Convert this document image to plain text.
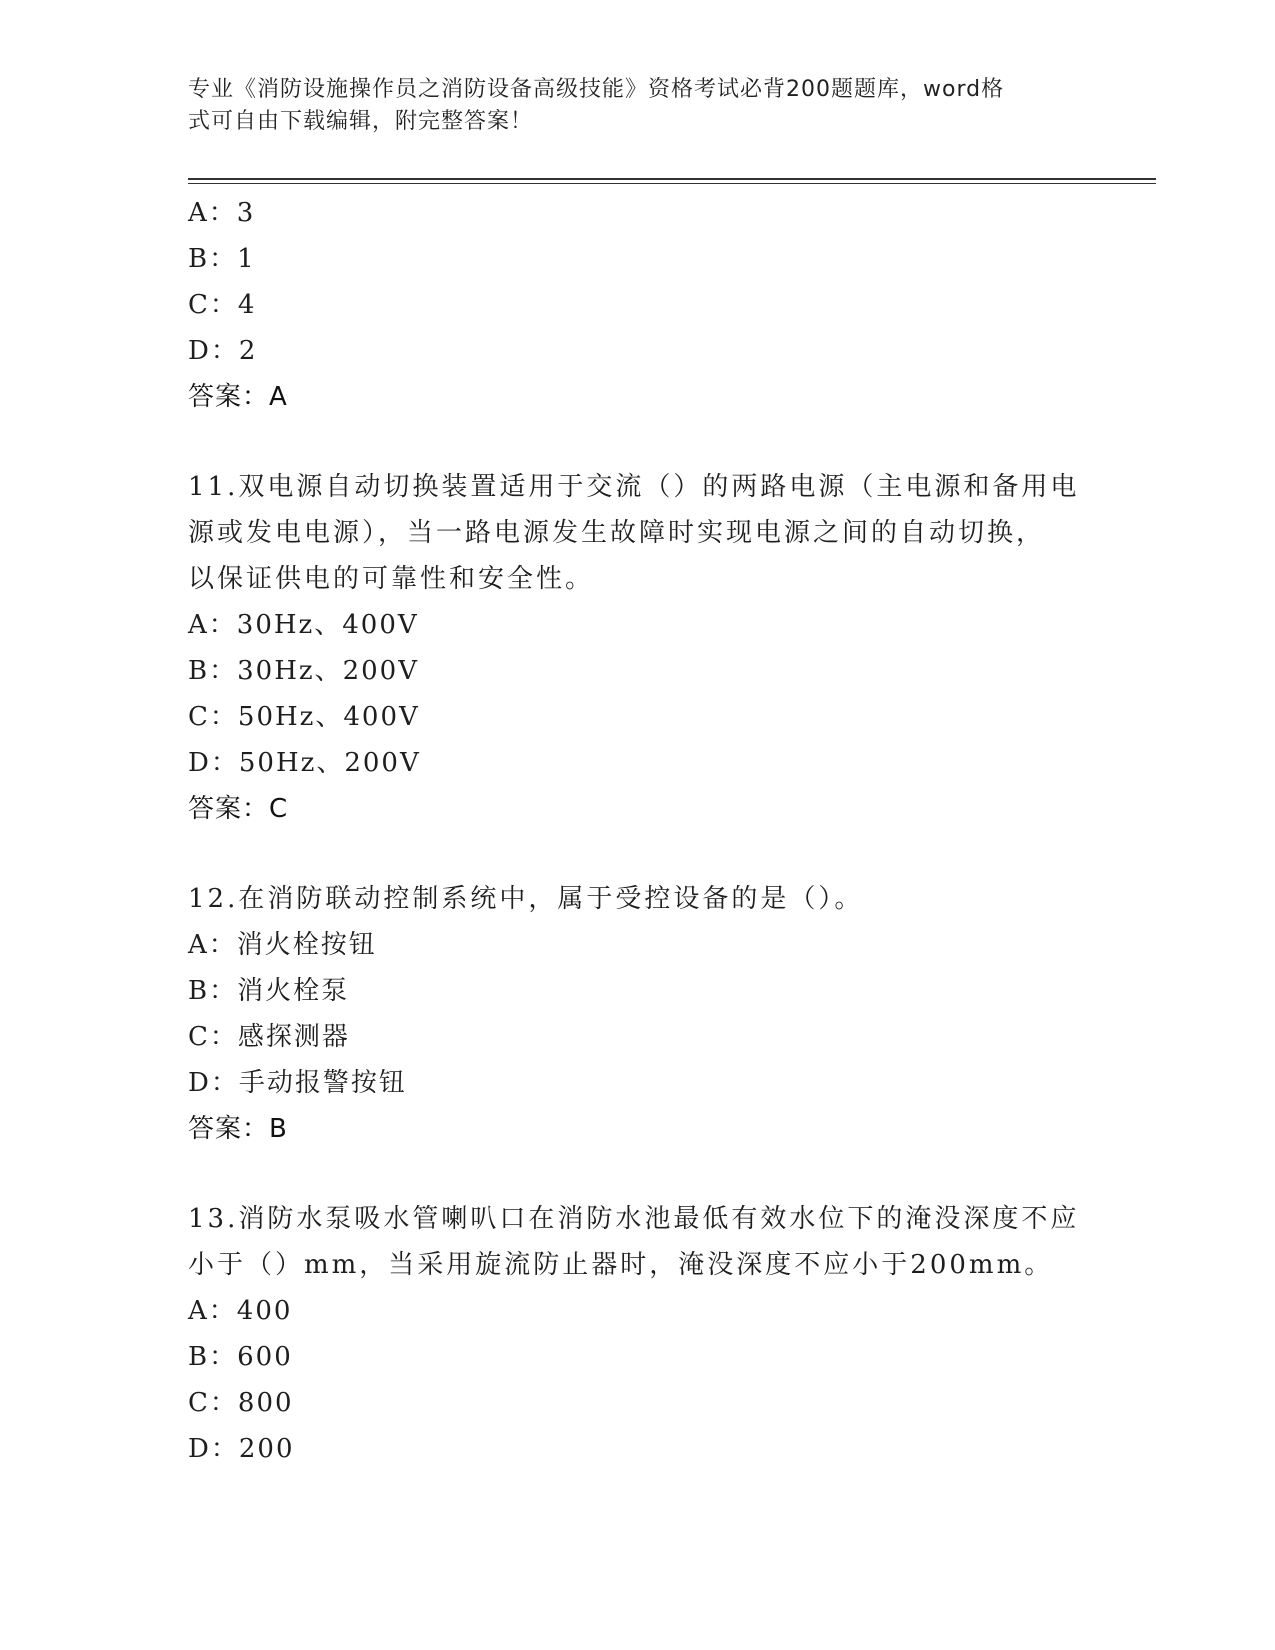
专业《消防设施操作员之消防设备高级技能》资格考试必背200题题库，word格
式可自由下载编辑，附完整答案！
A：3
B：1
C：4
D：2
答案：A
11.双电源自动切换装置适用于交流（）的两路电源（主电源和备用电
源或发电电源），当一路电源发生故障时实现电源之间的自动切换，
以保证供电的可靠性和安全性。
A：30Hz、400V
B：30Hz、200V
C：50Hz、400V
D：50Hz、200V
答案：C
12.在消防联动控制系统中，属于受控设备的是（）。
A：消火栓按钮
B：消火栓泵
C：感探测器
D：手动报警按钮
答案：B
13.消防水泵吸水管喇叭口在消防水池最低有效水位下的淹没深度不应
小于（）mm，当采用旋流防止器时，淹没深度不应小于200mm。
A：400
B：600
C：800
D：200
